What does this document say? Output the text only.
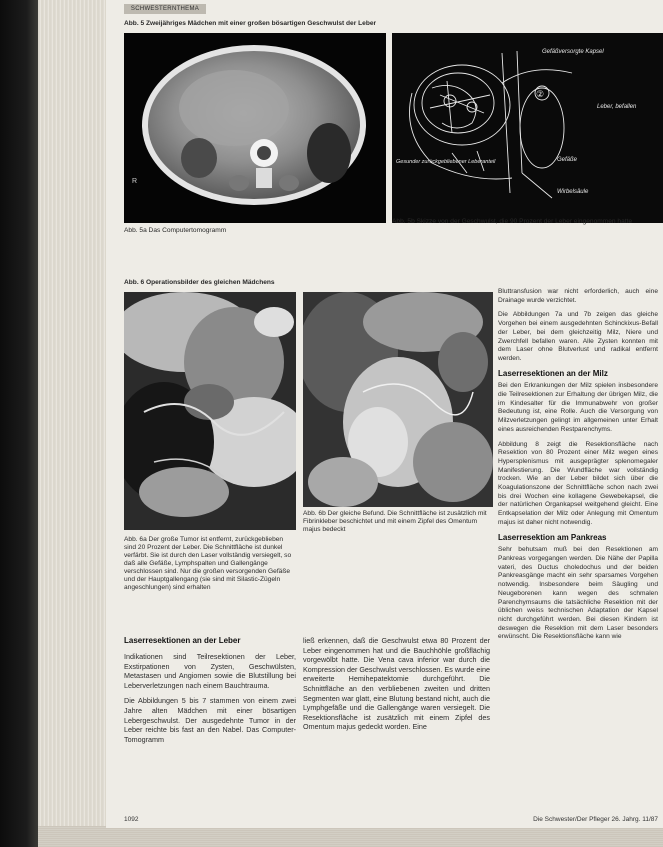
SCHWESTERNTHEMA
Abb. 5 Zweijähriges Mädchen mit einer großen bösartigen Geschwulst der Leber
R
②
Gefäßversorgte Kapsel
Leber, befallen
Gefäße
Gesunder zurückgebliebener Leberanteil
Wirbelsäule
Abb. 5a Das Computertomogramm
Abb. 5b Skizze von der Geschwulst, die 90 Prozent der Leber eingenommen hatte
Abb. 6 Operationsbilder des gleichen Mädchens
Abb. 6a Der große Tumor ist entfernt, zurückgeblieben sind 20 Prozent der Leber. Die Schnittfläche ist dunkel verfärbt. Sie ist durch den Laser vollständig versiegelt, so daß alle Gefäße, Lymphspalten und Gallengänge verschlossen sind. Nur die großen versorgenden Gefäße und der Hauptgallengang (sie sind mit Silastic-Zügeln angeschlungen) sind erhalten
Abb. 6b Der gleiche Befund. Die Schnittfläche ist zusätzlich mit Fibrinkleber beschichtet und mit einem Zipfel des Omentum majus bedeckt
Laserresektionen an der Leber

Indikationen sind Teilresektionen der Leber, Exstirpationen von Zysten, Geschwülsten, Metastasen und Angiomen sowie die Blutstillung bei Leberverletzungen nach einem Bauchtrauma.

Die Abbildungen 5 bis 7 stammen von einem zwei Jahre alten Mädchen mit einer bösartigen Lebergeschwulst. Der ausgedehnte Tumor in der Leber reichte bis fast an den Nabel. Das Computer-Tomogramm

ließ erkennen, daß die Geschwulst etwa 80 Prozent der Leber eingenommen hat und die Bauchhöhle großflächig vorgewölbt hatte. Die Vena cava inferior war durch die Kompression der Geschwulst verschlossen. Es wurde eine erweiterte Hemihepatektomie durchgeführt. Die Schnittfläche an den verbliebenen zweiten und dritten Segmenten war glatt, eine Blutung bestand nicht, auch die Lymphgefäße und die Gallengänge waren versiegelt. Die Resektionsfläche ist zusätzlich mit einem Zipfel des Omentum majus gedeckt worden. Eine

Bluttransfusion war nicht erforderlich, auch eine Drainage wurde verzichtet.

Die Abbildungen 7a und 7b zeigen das gleiche Vorgehen bei einem ausgedehnten Schinckixus-Befall der Leber, bei dem gleichzeitig Milz, Niere und Zwerchfell befallen waren. Alle Zysten konnten mit dem Laser ohne Blutverlust und radikal entfernt werden.

Laserresektionen an der Milz

Bei den Erkrankungen der Milz spielen insbesondere die Teilresektionen zur Erhaltung der übrigen Milz, die im Kindesalter für die Immunabwehr von großer Bedeutung ist, eine Rolle. Auch die Versorgung von Milzverletzungen gelingt im allgemeinen unter Erhalt eines ausreichenden Restparenchyms.

Abbildung 8 zeigt die Resektionsfläche nach Resektion von 80 Prozent einer Milz wegen eines Hypersplenismus mit ausgeprägter splenomegaler Manifestierung. Die Wundfläche war vollständig trocken. Wie an der Leber bildet sich über die Koagulationszone der Schnittfläche schon nach zwei bis drei Wochen eine kollagene Gewebekapsel, die der natürlichen Organkapsel weitgehend gleicht. Eine Entkapselation der Milz oder Anlegung mit Omentum majus ist daher nicht notwendig.

Laserresektion am Pankreas

Sehr behutsam muß bei den Resektionen am Pankreas vorgegangen werden. Die Nähe der Papilla vateri, des Ductus choledochus und der beiden Pankreasgänge macht ein sehr sparsames Vorgehen notwendig. Insbesondere beim Säugling und Neugeborenen kann wegen des schmalen Parenchymsaums die tatsächliche Resektion mit der üblichen weiss technischen Adaptation der Kapsel nicht durchgeführt werden. Bei diesen Kindern ist deswegen die Resektion mit dem Laser besonders erwünscht. Die Resektionsfläche kann wie

1092	Die Schwester/Der Pfleger 26. Jahrg. 11/87
